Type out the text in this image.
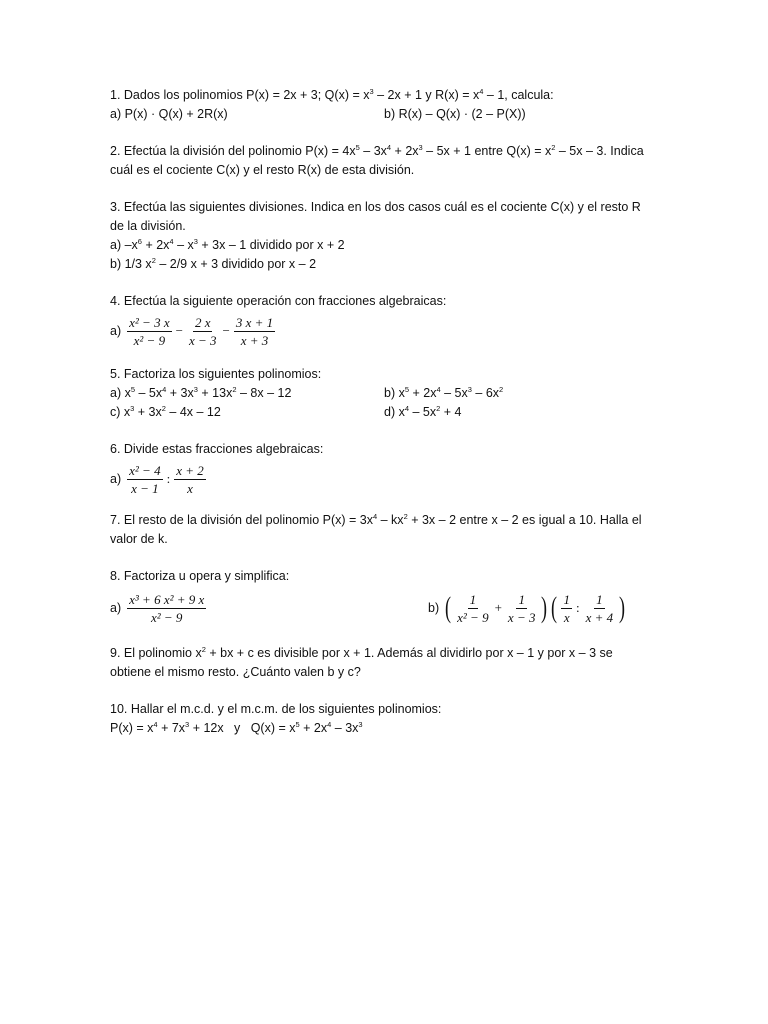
1. Dados los polinomios P(x) = 2x + 3; $Q(x) = x^3 - 2x + 1$ y $R(x) = x^4 - 1$, calcula:
a) P(x) · Q(x) + 2R(x)	b) R(x) – Q(x) · (2 – P(X))
2. Efectúa la división del polinomio $P(x) = 4x^5 - 3x^4 + 2x^3 - 5x + 1$ entre $Q(x) = x^2 - 5x - 3$. Indica
cuál es el cociente C(x) y el resto R(x) de esta división.
3. Efectúa las siguientes divisiones. Indica en los dos casos cuál es el cociente C(x) y el resto R
de la división.
a) $-x^6 + 2x^4 - x^3 + 3x - 1$ dividido por x + 2
b) 1/3 $x^2 - 2/9$ x + 3 dividido por x – 2
4. Efectúa la siguiente operación con fracciones algebraicas:
$a) \frac{\text{x² − 3 x}}{\text{x² − 9}} - \frac{2 x}{x - 3} - \frac{3 x + 1}{x + 3}$
5. Factoriza los siguientes polinomios:
a) $x^5 - 5x^4 + 3x^3 + 13x^2 - 8x - 12$	b) $x^5 + 2x^4 - 5x^3 - 6x^2$
c) $x^3 + 3x^2 - 4x - 12$	d) $x^4 - 5x^2 + 4$
6. Divide estas fracciones algebraicas:
$a) \frac{\text{x² − 4}}{x - 1}$ : $\frac{x + 2}{x}$
7. El resto de la división del polinomio $P(x) = 3x^4 - kx^2 + 3x - 2$ entre x – 2 es igual a 10. Halla el
valor de k.
8. Factoriza u opera y simplifica:
$a) \frac{\text{x³ + 6 x² + 9 x}}{\text{x² − 9}}$	b) ( $\frac{1}{\text{x² − 9}} + \frac{1}{x - 3}$ ) ( $\frac{1}{x}$ : $\frac{1}{x + 4}$ )
9. El polinomio $x^2$ + bx + c es divisible por x + 1. Además al dividirlo por x – 1 y por x – 3 se
obtiene el mismo resto. ¿Cuánto valen b y c?
10. Hallar el m.c.d. y el m.c.m. de los siguientes polinomios:
$P(x) = x^4 + 7x^3 + 12x$   y   $Q(x) = x^5 + 2x^4 - 3x^3$
